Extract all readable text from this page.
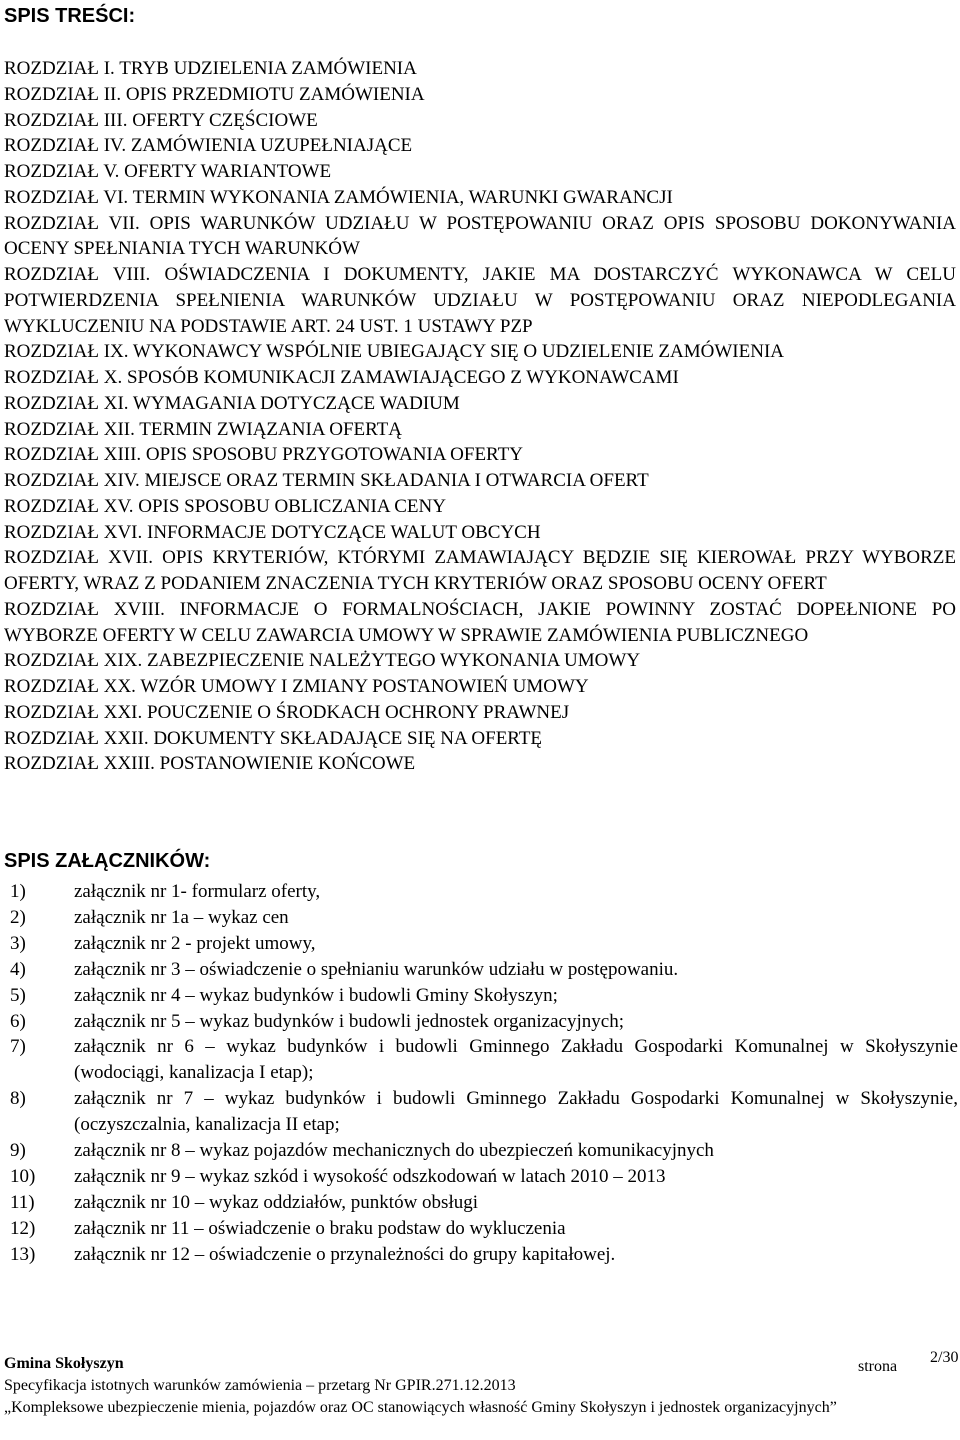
SPIS TREŚCI:
ROZDZIAŁ I. TRYB UDZIELENIA ZAMÓWIENIA
ROZDZIAŁ II. OPIS PRZEDMIOTU ZAMÓWIENIA
ROZDZIAŁ III. OFERTY CZĘŚCIOWE
ROZDZIAŁ IV. ZAMÓWIENIA UZUPEŁNIAJĄCE
ROZDZIAŁ V. OFERTY WARIANTOWE
ROZDZIAŁ VI. TERMIN WYKONANIA ZAMÓWIENIA, WARUNKI GWARANCJI
ROZDZIAŁ VII. OPIS WARUNKÓW UDZIAŁU W POSTĘPOWANIU ORAZ OPIS SPOSOBU DOKONYWANIA OCENY SPEŁNIANIA TYCH WARUNKÓW
ROZDZIAŁ VIII. OŚWIADCZENIA I DOKUMENTY, JAKIE MA DOSTARCZYĆ WYKONAWCA W CELU POTWIERDZENIA SPEŁNIENIA WARUNKÓW UDZIAŁU W POSTĘPOWANIU ORAZ NIEPODLEGANIA WYKLUCZENIU NA PODSTAWIE ART. 24 UST. 1 USTAWY PZP
ROZDZIAŁ IX. WYKONAWCY WSPÓLNIE UBIEGAJĄCY SIĘ O UDZIELENIE ZAMÓWIENIA
ROZDZIAŁ X. SPOSÓB KOMUNIKACJI ZAMAWIAJĄCEGO Z WYKONAWCAMI
ROZDZIAŁ XI. WYMAGANIA DOTYCZĄCE WADIUM
ROZDZIAŁ XII. TERMIN ZWIĄZANIA OFERTĄ
ROZDZIAŁ XIII. OPIS SPOSOBU PRZYGOTOWANIA OFERTY
ROZDZIAŁ XIV. MIEJSCE ORAZ TERMIN SKŁADANIA I OTWARCIA OFERT
ROZDZIAŁ XV. OPIS SPOSOBU OBLICZANIA CENY
ROZDZIAŁ XVI. INFORMACJE DOTYCZĄCE WALUT OBCYCH
ROZDZIAŁ XVII. OPIS KRYTERIÓW, KTÓRYMI ZAMAWIAJĄCY BĘDZIE SIĘ KIEROWAŁ PRZY WYBORZE OFERTY, WRAZ Z PODANIEM ZNACZENIA TYCH KRYTERIÓW ORAZ SPOSOBU OCENY OFERT
ROZDZIAŁ XVIII. INFORMACJE O FORMALNOŚCIACH, JAKIE POWINNY ZOSTAĆ DOPEŁNIONE PO WYBORZE OFERTY W CELU ZAWARCIA UMOWY W SPRAWIE ZAMÓWIENIA PUBLICZNEGO
ROZDZIAŁ XIX. ZABEZPIECZENIE NALEŻYTEGO WYKONANIA UMOWY
ROZDZIAŁ XX. WZÓR UMOWY I ZMIANY POSTANOWIEŃ UMOWY
ROZDZIAŁ XXI. POUCZENIE O ŚRODKACH OCHRONY PRAWNEJ
ROZDZIAŁ XXII. DOKUMENTY SKŁADAJĄCE SIĘ NA OFERTĘ
ROZDZIAŁ XXIII. POSTANOWIENIE KOŃCOWE
SPIS ZAŁĄCZNIKÓW:
1)	załącznik nr 1- formularz oferty,
2)	załącznik nr 1a – wykaz cen
3)	załącznik nr 2 - projekt umowy,
4)	załącznik nr 3 – oświadczenie o spełnianiu warunków udziału w postępowaniu.
5)	załącznik nr 4 – wykaz budynków i budowli Gminy Skołyszyn;
6)	załącznik nr 5 – wykaz budynków i budowli jednostek organizacyjnych;
7)	załącznik nr 6 – wykaz budynków i budowli Gminnego Zakładu Gospodarki Komunalnej w Skołyszynie (wodociągi, kanalizacja I etap);
8)	załącznik nr 7 – wykaz budynków i budowli Gminnego Zakładu Gospodarki Komunalnej w Skołyszynie, (oczyszczalnia, kanalizacja II etap;
9)	załącznik nr 8 – wykaz pojazdów mechanicznych do ubezpieczeń komunikacyjnych
10)	załącznik nr 9 – wykaz szkód i wysokość odszkodowań w latach 2010 – 2013
11)	załącznik nr 10 – wykaz oddziałów, punktów obsługi
12)	załącznik nr 11 – oświadczenie o braku podstaw do wykluczenia
13)	załącznik nr 12 – oświadczenie o przynależności do grupy kapitałowej.
Gmina Skołyszyn	strona
2/30
Specyfikacja istotnych warunków zamówienia – przetarg Nr GPIR.271.12.2013
„Kompleksowe ubezpieczenie mienia, pojazdów oraz OC stanowiących własność Gminy Skołyszyn i jednostek organizacyjnych”
